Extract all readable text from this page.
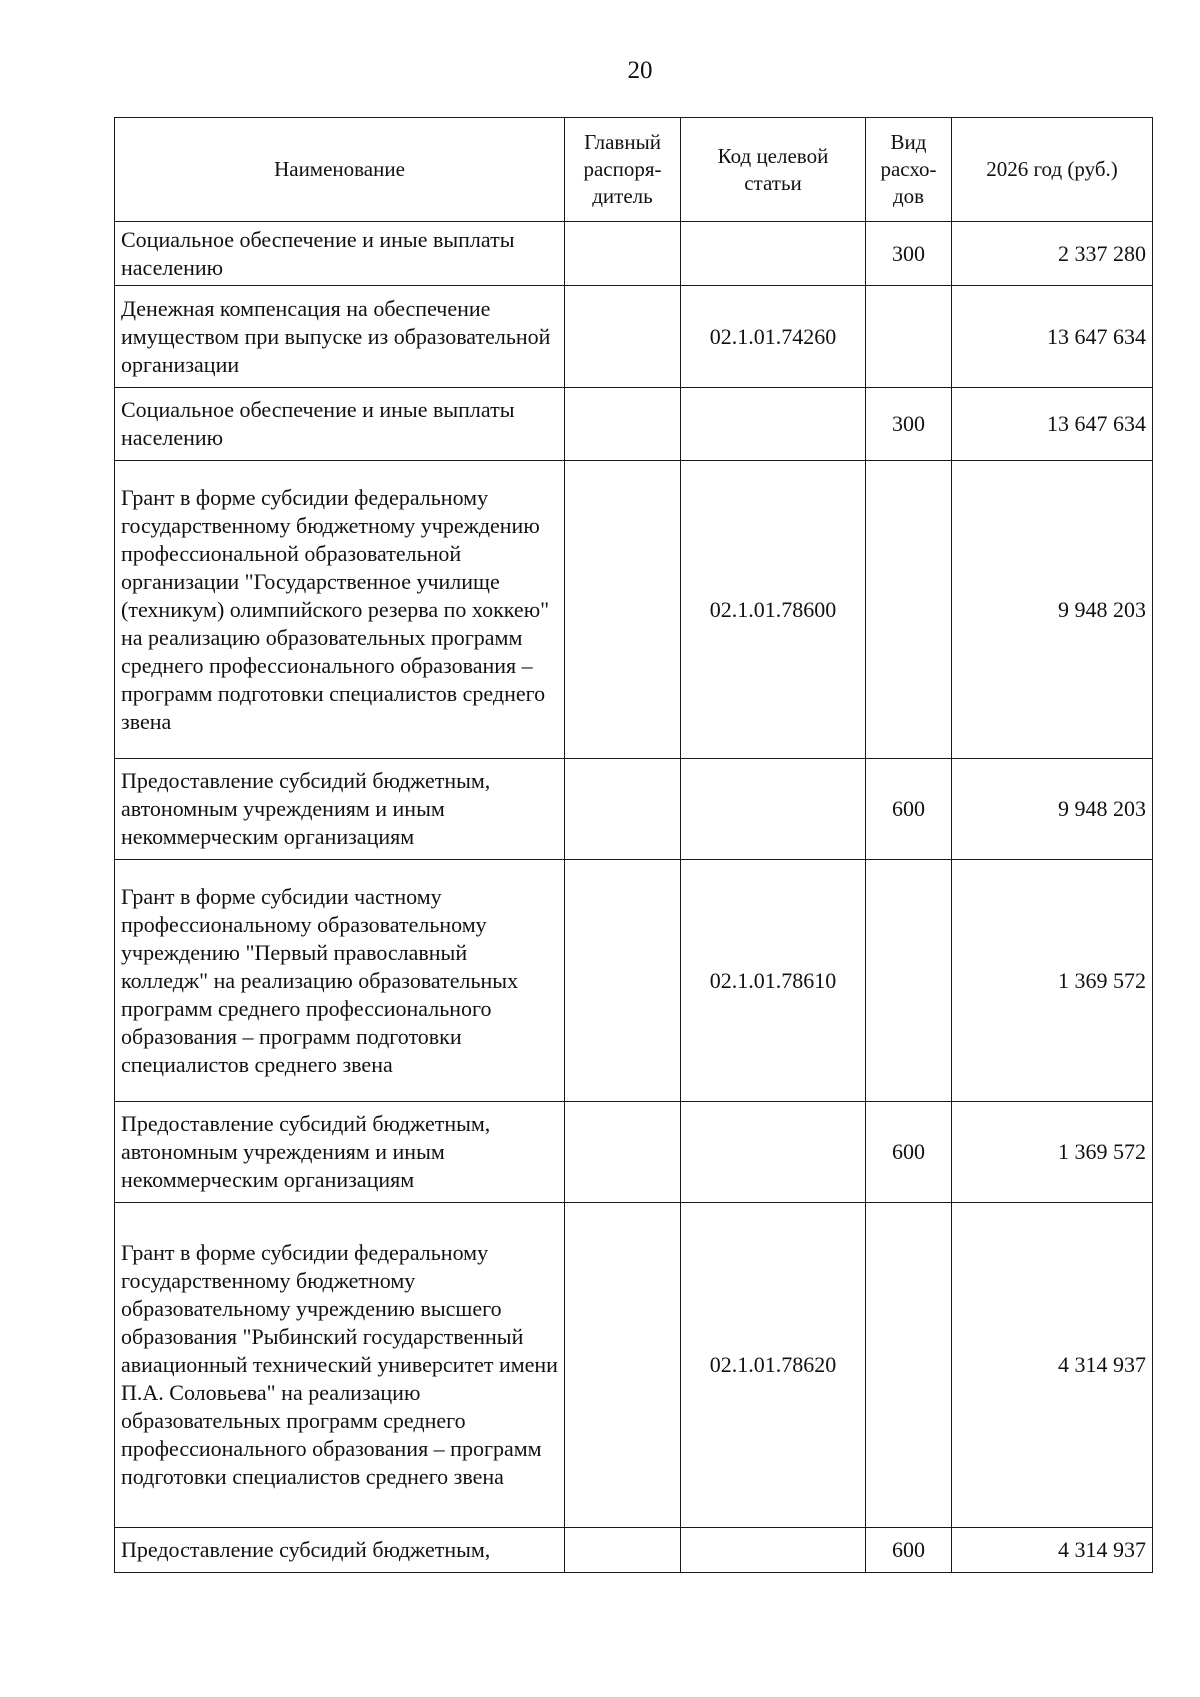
20
Наименование	Главный распоря-дитель	Код целевой статьи	Вид расхо-дов	2026 год (руб.)
Социальное обеспечение и иные выплаты населению			300	2 337 280
Денежная компенсация на обеспечение имуществом при выпуске из образовательной организации		02.1.01.74260		13 647 634
Социальное обеспечение и иные выплаты населению			300	13 647 634
Грант в форме субсидии федеральному государственному бюджетному учреждению профессиональной образовательной организации "Государственное училище (техникум) олимпийского резерва по хоккею" на реализацию образовательных программ среднего профессионального образования – программ подготовки специалистов среднего звена		02.1.01.78600		9 948 203
Предоставление субсидий бюджетным, автономным учреждениям и иным некоммерческим организациям			600	9 948 203
Грант в форме субсидии частному профессиональному образовательному учреждению "Первый православный колледж" на реализацию образовательных программ среднего профессионального образования – программ подготовки специалистов среднего звена		02.1.01.78610		1 369 572
Предоставление субсидий бюджетным, автономным учреждениям и иным некоммерческим организациям			600	1 369 572
Грант в форме субсидии федеральному государственному бюджетному образовательному учреждению высшего образования "Рыбинский государственный авиационный технический университет имени П.А. Соловьева" на реализацию образовательных программ среднего профессионального образования – программ подготовки специалистов среднего звена		02.1.01.78620		4 314 937
Предоставление субсидий бюджетным,			600	4 314 937
